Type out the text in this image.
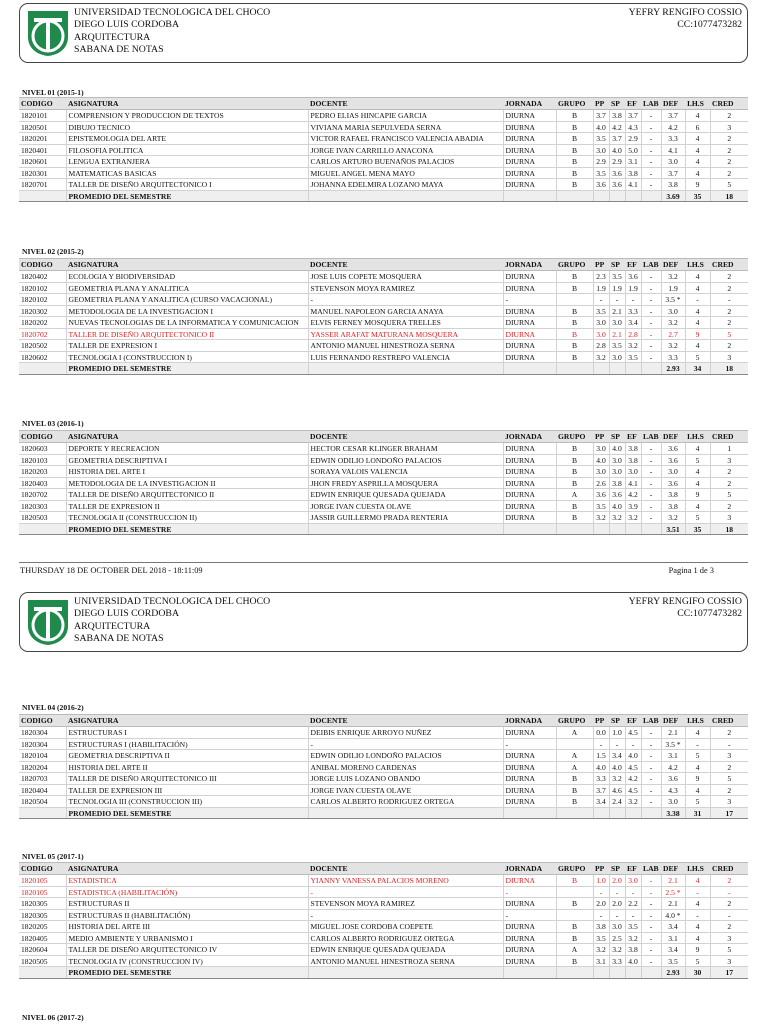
UNIVERSIDAD TECNOLOGICA DEL CHOCO
DIEGO LUIS CORDOBA
ARQUITECTURA
SABANA DE NOTAS
YEFRY RENGIFO COSSIO
CC:1077473282
UNIVERSIDAD TECNOLOGICA DEL CHOCO
DIEGO LUIS CORDOBA
ARQUITECTURA
SABANA DE NOTAS
YEFRY RENGIFO COSSIO
CC:1077473282
NIVEL 01 (2015-1)
CODIGO	ASIGNATURA	DOCENTE	JORNADA	GRUPO	PP	SP	EF	LAB	DEF	I.H.S	CRED
1820101	COMPRENSION Y PRODUCCION DE TEXTOS	PEDRO ELIAS HINCAPIE GARCIA	DIURNA	B	3.7	3.8	3.7	-	3.7	4	2
1820501	DIBUJO TECNICO	VIVIANA MARIA SEPULVEDA SERNA	DIURNA	B	4.0	4.2	4.3	-	4.2	6	3
1820201	EPISTEMOLOGIA DEL ARTE	VICTOR RAFAEL FRANCISCO VALENCIA ABADIA	DIURNA	B	3.5	3.7	2.9	-	3.3	4	2
1820401	FILOSOFIA POLITICA	JORGE IVAN CARRILLO ANACONA	DIURNA	B	3.0	4.0	5.0	-	4.1	4	2
1820601	LENGUA EXTRANJERA	CARLOS ARTURO BUENAÑOS PALACIOS	DIURNA	B	2.9	2.9	3.1	-	3.0	4	2
1820301	MATEMATICAS BASICAS	MIGUEL ANGEL MENA MAYO	DIURNA	B	3.5	3.6	3.8	-	3.7	4	2
1820701	TALLER DE DISEÑO ARQUITECTONICO I	JOHANNA EDELMIRA LOZANO MAYA	DIURNA	B	3.6	3.6	4.1	-	3.8	9	5
	PROMEDIO DEL SEMESTRE								3.69	35	18
NIVEL 02 (2015-2)
CODIGO	ASIGNATURA	DOCENTE	JORNADA	GRUPO	PP	SP	EF	LAB	DEF	I.H.S	CRED
1820402	ECOLOGIA Y BIODIVERSIDAD	JOSE LUIS COPETE MOSQUERA	DIURNA	B	2.3	3.5	3.6	-	3.2	4	2
1820102	GEOMETRIA PLANA Y ANALITICA	STEVENSON MOYA RAMIREZ	DIURNA	B	1.9	1.9	1.9	-	1.9	4	2
1820102	GEOMETRIA PLANA Y ANALITICA (CURSO VACACIONAL)	-	-		-	-	-	-	3.5 *	-	-
1820302	METODOLOGIA DE LA INVESTIGACION I	MANUEL NAPOLEON GARCIA ANAYA	DIURNA	B	3.5	2.1	3.3	-	3.0	4	2
1820202	NUEVAS TECNOLOGIAS DE LA INFORMATICA Y COMUNICACION	ELVIS FERNEY MOSQUERA TRELLES	DIURNA	B	3.0	3.0	3.4	-	3.2	4	2
1820702	TALLER DE DISEÑO ARQUITECTONICO II	YASSER ARAFAT MATURANA MOSQUERA	DIURNA	B	3.0	2.1	2.8	-	2.7	9	5
1820502	TALLER DE EXPRESION I	ANTONIO MANUEL HINESTROZA SERNA	DIURNA	B	2.8	3.5	3.2	-	3.2	4	2
1820602	TECNOLOGIA I (CONSTRUCCION I)	LUIS FERNANDO RESTREPO VALENCIA	DIURNA	B	3.2	3.0	3.5	-	3.3	5	3
	PROMEDIO DEL SEMESTRE								2.93	34	18
NIVEL 03 (2016-1)
CODIGO	ASIGNATURA	DOCENTE	JORNADA	GRUPO	PP	SP	EF	LAB	DEF	I.H.S	CRED
1820603	DEPORTE Y RECREACION	HECTOR CESAR KLINGER BRAHAM	DIURNA	B	3.0	4.0	3.8	-	3.6	4	1
1820103	GEOMETRIA DESCRIPTIVA I	EDWIN ODILIO LONDOÑO PALACIOS	DIURNA	B	4.0	3.0	3.8	-	3.6	5	3
1820203	HISTORIA DEL ARTE I	SORAYA VALOIS VALENCIA	DIURNA	B	3.0	3.0	3.0	-	3.0	4	2
1820403	METODOLOGIA DE LA INVESTIGACION II	JHON FREDY ASPRILLA MOSQUERA	DIURNA	B	2.6	3.8	4.1	-	3.6	4	2
1820702	TALLER DE DISEÑO ARQUITECTONICO II	EDWIN ENRIQUE QUESADA QUEJADA	DIURNA	A	3.6	3.6	4.2	-	3.8	9	5
1820303	TALLER DE EXPRESION II	JORGE IVAN CUESTA OLAVE	DIURNA	B	3.5	4.0	3.9	-	3.8	4	2
1820503	TECNOLOGIA II (CONSTRUCCION II)	JASSIR GUILLERMO PRADA RENTERIA	DIURNA	B	3.2	3.2	3.2	-	3.2	5	3
	PROMEDIO DEL SEMESTRE								3.51	35	18
THURSDAY 18 DE OCTOBER DEL 2018 - 18:11:09	Pagina 1 de 3
NIVEL 04 (2016-2)
CODIGO	ASIGNATURA	DOCENTE	JORNADA	GRUPO	PP	SP	EF	LAB	DEF	I.H.S	CRED
1820304	ESTRUCTURAS I	DEIBIS ENRIQUE ARROYO NUÑEZ	DIURNA	A	0.0	1.0	4.5	-	2.1	4	2
1820304	ESTRUCTURAS I (HABILITACIÓN)	-	-		-	-	-	-	3.5 *	-	-
1820104	GEOMETRIA DESCRIPTIVA II	EDWIN ODILIO LONDOÑO PALACIOS	DIURNA	A	1.5	3.4	4.0	-	3.1	5	3
1820204	HISTORIA DEL ARTE II	ANIBAL MORENO CARDENAS	DIURNA	A	4.0	4.0	4.5	-	4.2	4	2
1820703	TALLER DE DISEÑO ARQUITECTONICO III	JORGE LUIS LOZANO OBANDO	DIURNA	B	3.3	3.2	4.2	-	3.6	9	5
1820404	TALLER DE EXPRESION III	JORGE IVAN CUESTA OLAVE	DIURNA	B	3.7	4.6	4.5	-	4.3	4	2
1820504	TECNOLOGIA III (CONSTRUCCION III)	CARLOS ALBERTO RODRIGUEZ ORTEGA	DIURNA	B	3.4	2.4	3.2	-	3.0	5	3
	PROMEDIO DEL SEMESTRE								3.38	31	17
NIVEL 05 (2017-1)
CODIGO	ASIGNATURA	DOCENTE	JORNADA	GRUPO	PP	SP	EF	LAB	DEF	I.H.S	CRED
1820105	ESTADISTICA	YIANNY VANESSA PALACIOS MORENO	DIURNA	B	1.0	2.0	3.0	-	2.1	4	2
1820105	ESTADISTICA (HABILITACIÓN)	-	-		-	-	-	-	2.5 *	-	-
1820305	ESTRUCTURAS II	STEVENSON MOYA RAMIREZ	DIURNA	B	2.0	2.0	2.2	-	2.1	4	2
1820305	ESTRUCTURAS II (HABILITACIÓN)	-	-		-	-	-	-	4.0 *	-	-
1820205	HISTORIA DEL ARTE III	MIGUEL JOSE CORDOBA COEPETE	DIURNA	B	3.8	3.0	3.5	-	3.4	4	2
1820405	MEDIO AMBIENTE Y URBANISMO I	CARLOS ALBERTO RODRIGUEZ ORTEGA	DIURNA	B	3.5	2.5	3.2	-	3.1	4	3
1820604	TALLER DE DISEÑO ARQUITECTONICO IV	EDWIN ENRIQUE QUESADA QUEJADA	DIURNA	A	3.2	3.2	3.8	-	3.4	9	5
1820505	TECNOLOGIA IV (CONSTRUCCION IV)	ANTONIO MANUEL HINESTROZA SERNA	DIURNA	B	3.1	3.3	4.0	-	3.5	5	3
	PROMEDIO DEL SEMESTRE								2.93	30	17
NIVEL 06 (2017-2)
